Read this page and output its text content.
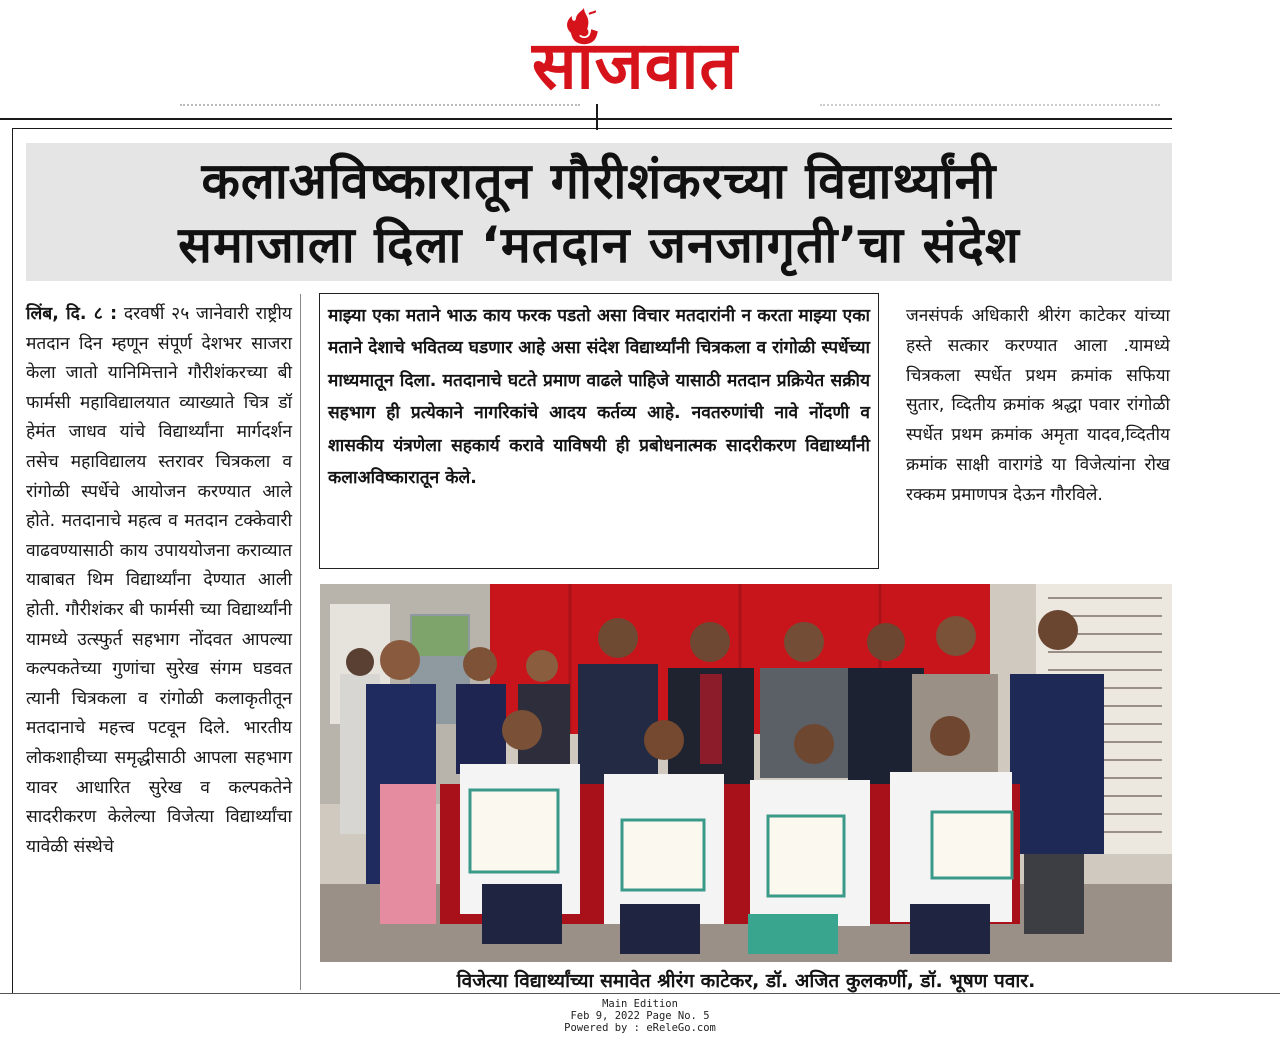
साँजवात
कलाअविष्कारातून गौरीशंकरच्या विद्यार्थ्यांनी
समाजाला दिला ‘मतदान जनजागृती’चा संदेश
लिंब, दि. ८ : दरवर्षी २५ जानेवारी राष्ट्रीय मतदान दिन म्हणून संपूर्ण देशभर साजरा केला जातो यानिमित्ताने गौरीशंकरच्या बी फार्मसी महाविद्यालयात व्याख्याते चित्र डॉ हेमंत जाधव यांचे विद्यार्थ्यांना मार्गदर्शन तसेच महाविद्यालय स्तरावर चित्रकला व रांगोळी स्पर्धेचे आयोजन करण्यात आले होते. मतदानाचे महत्व व मतदान टक्केवारी वाढवण्यासाठी काय उपाययोजना कराव्यात याबाबत थिम विद्यार्थ्यांना देण्यात आली होती. गौरीशंकर बी फार्मसी च्या विद्यार्थ्यांनी यामध्ये उत्स्फुर्त सहभाग नोंदवत आपल्या कल्पकतेच्या गुणांचा सुरेख संगम घडवत त्यानी चित्रकला व रांगोळी कलाकृतीतून मतदानाचे महत्त्व पटवून दिले. भारतीय लोकशाहीच्या समृद्धीसाठी आपला सहभाग यावर आधारित सुरेख व कल्पकतेने सादरीकरण केलेल्या विजेत्या विद्यार्थ्यांचा यावेळी संस्थेचे
माझ्या एका मताने भाऊ काय फरक पडतो असा विचार मतदारांनी न करता माझ्या एका मताने देशाचे भवितव्य घडणार आहे असा संदेश विद्यार्थ्यांनी चित्रकला व रांगोळी स्पर्धेच्या माध्यमातून दिला. मतदानाचे घटते प्रमाण वाढले पाहिजे यासाठी मतदान प्रक्रियेत सक्रीय सहभाग ही प्रत्येकाने नागरिकांचे आदय कर्तव्य आहे. नवतरुणांची नावे नोंदणी व शासकीय यंत्रणेला सहकार्य करावे याविषयी ही प्रबोधनात्मक सादरीकरण विद्यार्थ्यांनी कलाअविष्कारातून केले.
जनसंपर्क अधिकारी श्रीरंग काटेकर यांच्या हस्ते सत्कार करण्यात आला .यामध्ये चित्रकला स्पर्धेत प्रथम क्रमांक सफिया सुतार, व्दितीय क्रमांक श्रद्धा पवार रांगोळी स्पर्धेत प्रथम क्रमांक अमृता यादव,व्दितीय क्रमांक साक्षी वारागंडे या विजेत्यांना रोख रक्कम प्रमाणपत्र देऊन गौरविले.
विजेत्या विद्यार्थ्यांच्या समावेत श्रीरंग काटेकर, डॉ. अजित कुलकर्णी, डॉ. भूषण पवार.
Main Edition
Feb 9, 2022 Page No. 5
Powered by : eReleGo.com
